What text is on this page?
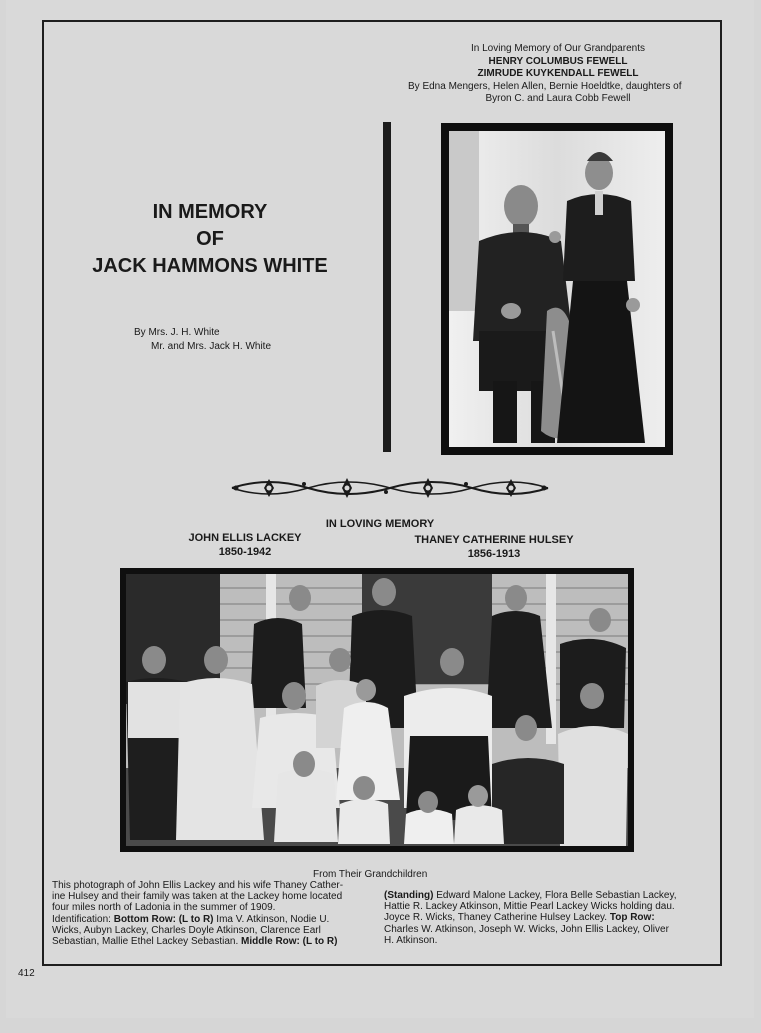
In Loving Memory of Our Grandparents
HENRY COLUMBUS FEWELL
ZIMRUDE KUYKENDALL FEWELL
By Edna Mengers, Helen Allen, Bernie Hoeldtke, daughters of
Byron C. and Laura Cobb Fewell
IN MEMORY
OF
JACK HAMMONS WHITE
By Mrs. J. H. White
Mr. and Mrs. Jack H. White
IN LOVING MEMORY
JOHN ELLIS LACKEY
1850-1942
THANEY CATHERINE HULSEY
1856-1913
From Their Grandchildren
This photograph of John Ellis Lackey and his wife Thaney Cather-
ine Hulsey and their family was taken at the Lackey home located
four miles north of Ladonia in the summer of 1909.
Identification: Bottom Row: (L to R) Ima V. Atkinson, Nodie U.
Wicks, Aubyn Lackey, Charles Doyle Atkinson, Clarence Earl
Sebastian, Mallie Ethel Lackey Sebastian. Middle Row: (L to R)
(Standing) Edward Malone Lackey, Flora Belle Sebastian Lackey,
Hattie R. Lackey Atkinson, Mittie Pearl Lackey Wicks holding dau.
Joyce R. Wicks, Thaney Catherine Hulsey Lackey. Top Row:
Charles W. Atkinson, Joseph W. Wicks, John Ellis Lackey, Oliver
H. Atkinson.
412
